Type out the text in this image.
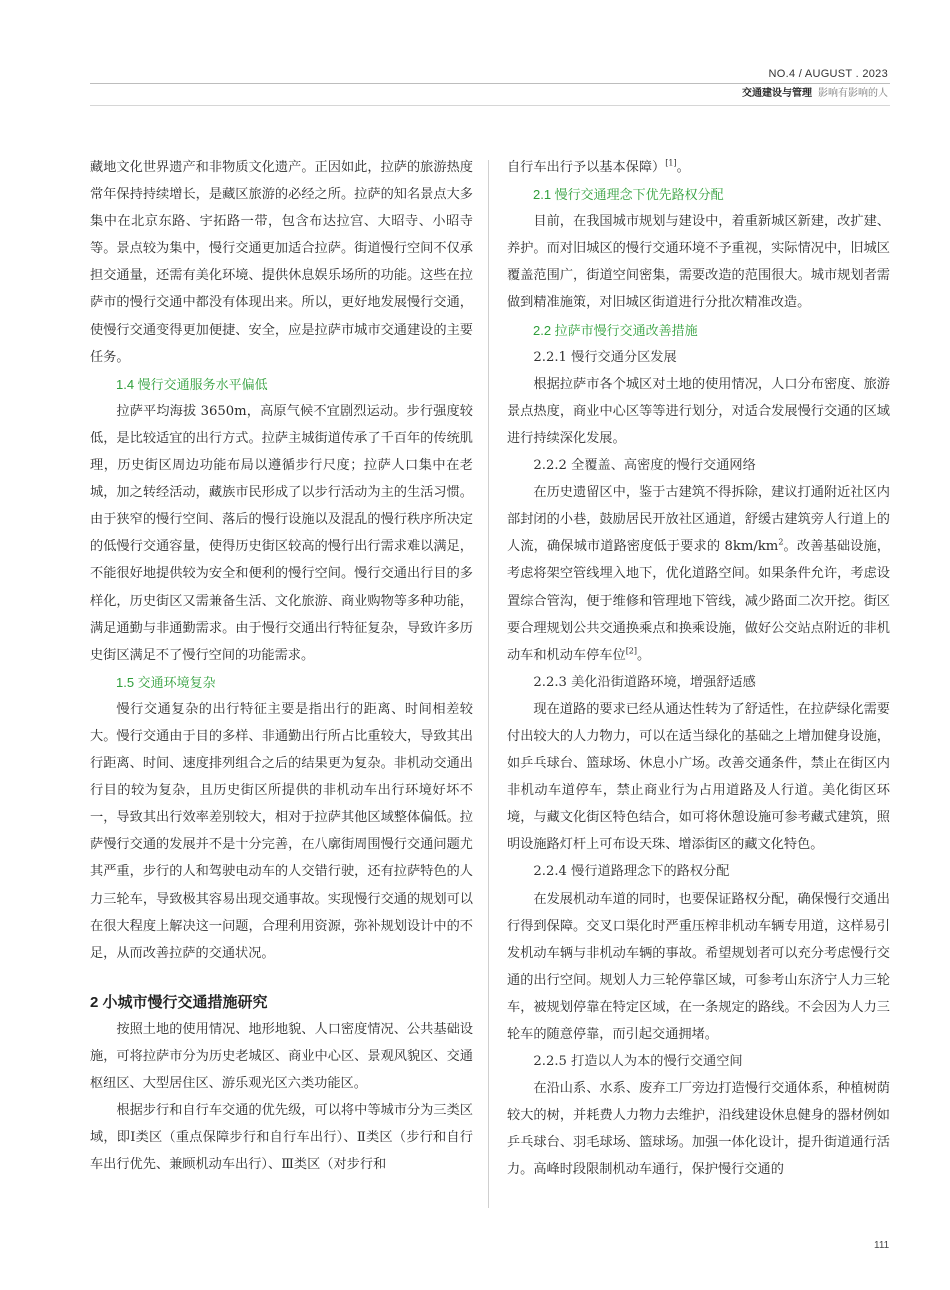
NO.4 / AUGUST . 2023
交通建设与管理 影响有影响的人

藏地文化世界遗产和非物质文化遗产。正因如此，拉萨的旅游热度常年保持持续增长，是藏区旅游的必经之所。拉萨的知名景点大多集中在北京东路、宇拓路一带，包含布达拉宫、大昭寺、小昭寺等。景点较为集中，慢行交通更加适合拉萨。街道慢行空间不仅承担交通量，还需有美化环境、提供休息娱乐场所的功能。这些在拉萨市的慢行交通中都没有体现出来。所以，更好地发展慢行交通，使慢行交通变得更加便捷、安全，应是拉萨市城市交通建设的主要任务。

1.4 慢行交通服务水平偏低

拉萨平均海拔 3650m，高原气候不宜剧烈运动。步行强度较低，是比较适宜的出行方式。拉萨主城街道传承了千百年的传统肌理，历史街区周边功能布局以遵循步行尺度；拉萨人口集中在老城，加之转经活动，藏族市民形成了以步行活动为主的生活习惯。由于狭窄的慢行空间、落后的慢行设施以及混乱的慢行秩序所决定的低慢行交通容量，使得历史街区较高的慢行出行需求难以满足，不能很好地提供较为安全和便利的慢行空间。慢行交通出行目的多样化，历史街区又需兼备生活、文化旅游、商业购物等多种功能，满足通勤与非通勤需求。由于慢行交通出行特征复杂，导致许多历史街区满足不了慢行空间的功能需求。

1.5 交通环境复杂

慢行交通复杂的出行特征主要是指出行的距离、时间相差较大。慢行交通由于目的多样、非通勤出行所占比重较大，导致其出行距离、时间、速度排列组合之后的结果更为复杂。非机动交通出行目的较为复杂，且历史街区所提供的非机动车出行环境好坏不一，导致其出行效率差别较大，相对于拉萨其他区域整体偏低。拉萨慢行交通的发展并不是十分完善，在八廓街周围慢行交通问题尤其严重，步行的人和驾驶电动车的人交错行驶，还有拉萨特色的人力三轮车，导致极其容易出现交通事故。实现慢行交通的规划可以在很大程度上解决这一问题，合理利用资源，弥补规划设计中的不足，从而改善拉萨的交通状况。

2 小城市慢行交通措施研究

按照土地的使用情况、地形地貌、人口密度情况、公共基础设施，可将拉萨市分为历史老城区、商业中心区、景观风貌区、交通枢纽区、大型居住区、游乐观光区六类功能区。

根据步行和自行车交通的优先级，可以将中等城市分为三类区域，即Ⅰ类区（重点保障步行和自行车出行）、Ⅱ类区（步行和自行车出行优先、兼顾机动车出行）、Ⅲ类区（对步行和

自行车出行予以基本保障）[1]。

2.1 慢行交通理念下优先路权分配

目前，在我国城市规划与建设中，着重新城区新建，改扩建、养护。而对旧城区的慢行交通环境不予重视，实际情况中，旧城区覆盖范围广，街道空间密集，需要改造的范围很大。城市规划者需做到精准施策，对旧城区街道进行分批次精准改造。

2.2 拉萨市慢行交通改善措施
2.2.1 慢行交通分区发展

根据拉萨市各个城区对土地的使用情况，人口分布密度、旅游景点热度，商业中心区等等进行划分，对适合发展慢行交通的区域进行持续深化发展。

2.2.2 全覆盖、高密度的慢行交通网络

在历史遗留区中，鉴于古建筑不得拆除，建议打通附近社区内部封闭的小巷，鼓励居民开放社区通道，舒缓古建筑旁人行道上的人流，确保城市道路密度低于要求的 $8km/km^2$。改善基础设施，考虑将架空管线埋入地下，优化道路空间。如果条件允许，考虑设置综合管沟，便于维修和管理地下管线，减少路面二次开挖。街区要合理规划公共交通换乘点和换乘设施，做好公交站点附近的非机动车和机动车停车位[2]。

2.2.3 美化沿街道路环境，增强舒适感

现在道路的要求已经从通达性转为了舒适性，在拉萨绿化需要付出较大的人力物力，可以在适当绿化的基础之上增加健身设施，如乒乓球台、篮球场、休息小广场。改善交通条件，禁止在街区内非机动车道停车，禁止商业行为占用道路及人行道。美化街区环境，与藏文化街区特色结合，如可将休憩设施可参考藏式建筑，照明设施路灯杆上可布设天珠、增添街区的藏文化特色。

2.2.4 慢行道路理念下的路权分配

在发展机动车道的同时，也要保证路权分配，确保慢行交通出行得到保障。交叉口渠化时严重压榨非机动车辆专用道，这样易引发机动车辆与非机动车辆的事故。希望规划者可以充分考虑慢行交通的出行空间。规划人力三轮停靠区域，可参考山东济宁人力三轮车，被规划停靠在特定区域，在一条规定的路线。不会因为人力三轮车的随意停靠，而引起交通拥堵。

2.2.5 打造以人为本的慢行交通空间

在沿山系、水系、废弃工厂旁边打造慢行交通体系，种植树荫较大的树，并耗费人力物力去维护，沿线建设休息健身的器材例如乒乓球台、羽毛球场、篮球场。加强一体化设计，提升街道通行活力。高峰时段限制机动车通行，保护慢行交通的

111
